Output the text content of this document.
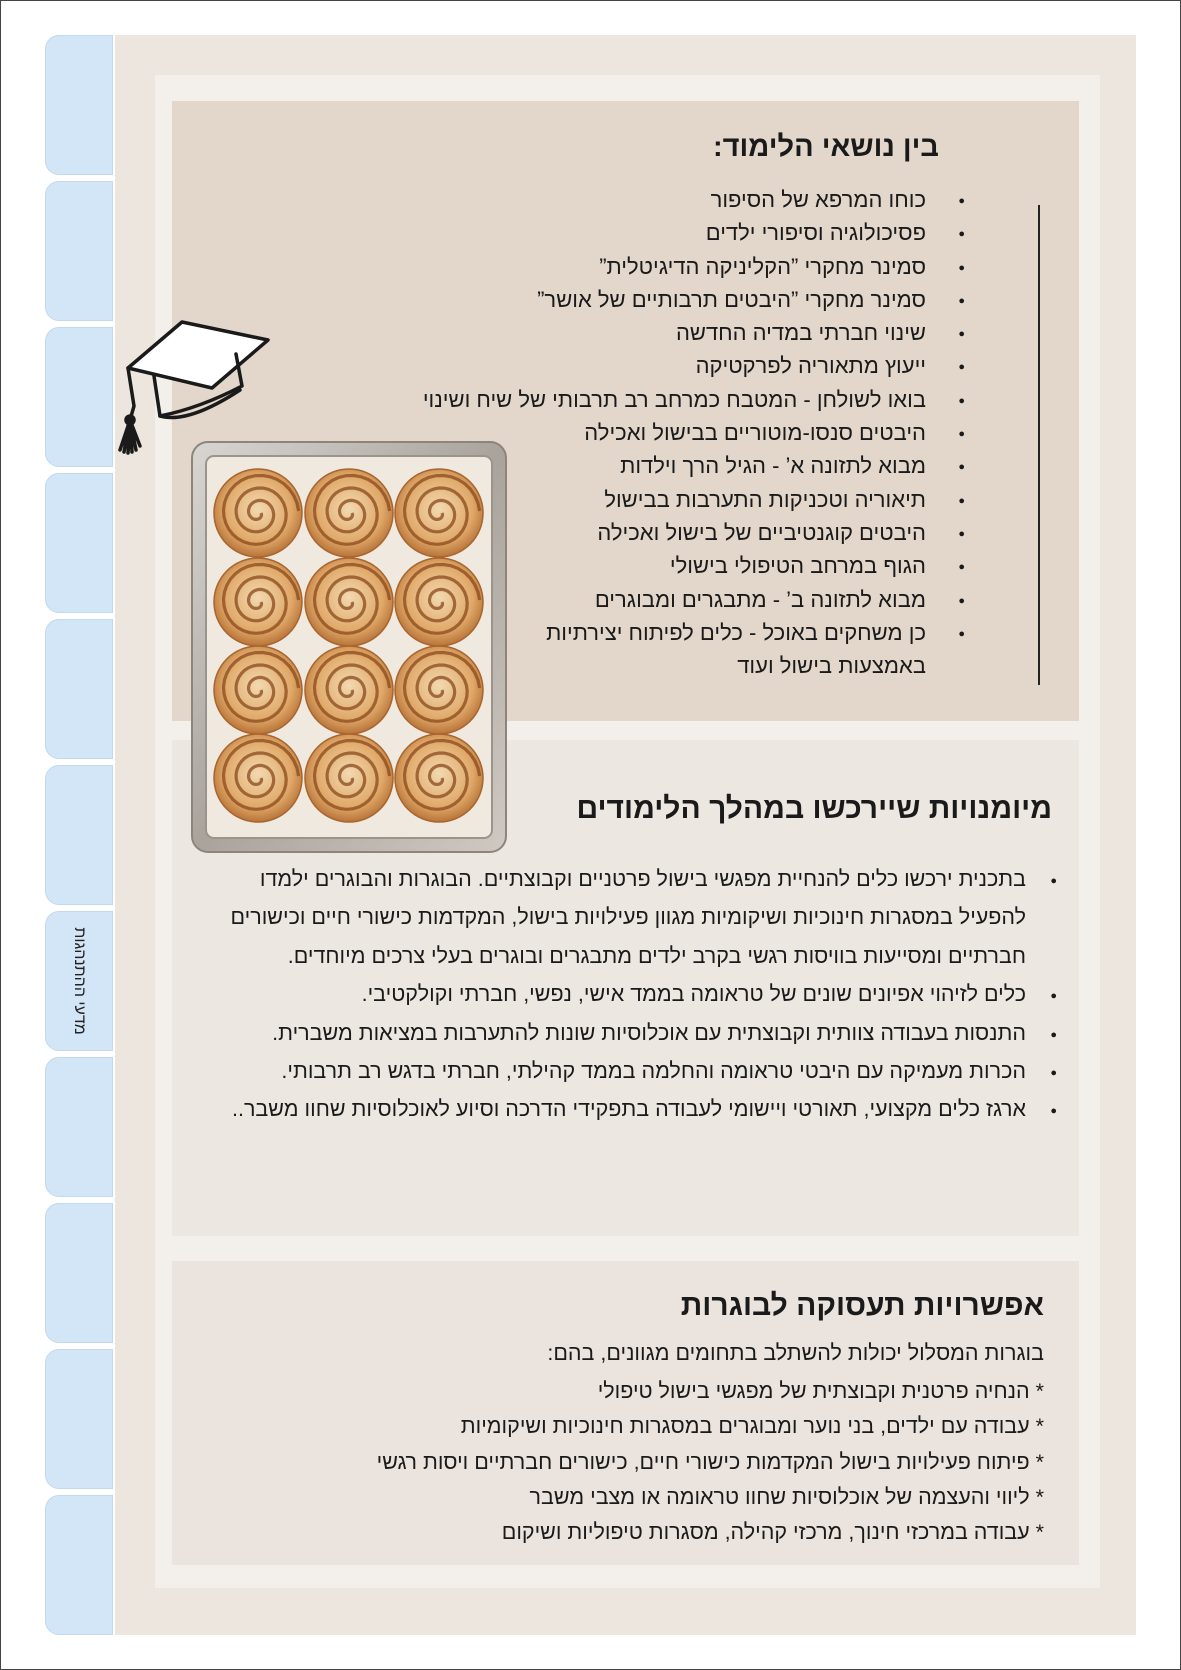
מדעי ההתנהגות
בין נושאי הלימוד:
● כוחו המרפא של הסיפור
● פסיכולוגיה וסיפורי ילדים
● סמינר מחקרי ”הקליניקה הדיגיטלית”
● סמינר מחקרי ”היבטים תרבותיים של אושר”
● שינוי חברתי במדיה החדשה
● ייעוץ מתאוריה לפרקטיקה
● בואו לשולחן - המטבח כמרחב רב תרבותי של שיח ושינוי
● היבטים סנסו-מוטוריים בבישול ואכילה
● מבוא לתזונה א’ - הגיל הרך וילדות
● תיאוריה וטכניקות התערבות בבישול
● היבטים קוגנטיביים של בישול ואכילה
● הגוף במרחב הטיפולי בישולי
● מבוא לתזונה ב’ - מתבגרים ומבוגרים
● כן משחקים באוכל - כלים לפיתוח יצירתיות באמצעות בישול ועוד
מיומנויות שיירכשו במהלך הלימודים
● בתכנית ירכשו כלים להנחיית מפגשי בישול פרטניים וקבוצתיים. הבוגרות והבוגרים ילמדו להפעיל במסגרות חינוכיות ושיקומיות מגוון פעילויות בישול, המקדמות כישורי חיים וכישורים חברתיים ומסייעות בוויסות רגשי בקרב ילדים מתבגרים ובוגרים בעלי צרכים מיוחדים.
● כלים לזיהוי אפיונים שונים של טראומה בממד אישי, נפשי, חברתי וקולקטיבי.
● התנסות בעבודה צוותית וקבוצתית עם אוכלוסיות שונות להתערבות במציאות משברית.
● הכרות מעמיקה עם היבטי טראומה והחלמה בממד קהילתי, חברתי בדגש רב תרבותי.
● ארגז כלים מקצועי, תאורטי ויישומי לעבודה בתפקידי הדרכה וסיוע לאוכלוסיות שחוו משבר..
אפשרויות תעסוקה לבוגרות
בוגרות המסלול יכולות להשתלב בתחומים מגוונים, בהם:
* הנחיה פרטנית וקבוצתית של מפגשי בישול טיפולי
* עבודה עם ילדים, בני נוער ומבוגרים במסגרות חינוכיות ושיקומיות
* פיתוח פעילויות בישול המקדמות כישורי חיים, כישורים חברתיים ויסות רגשי
* ליווי והעצמה של אוכלוסיות שחוו טראומה או מצבי משבר
* עבודה במרכזי חינוך, מרכזי קהילה, מסגרות טיפוליות ושיקום
